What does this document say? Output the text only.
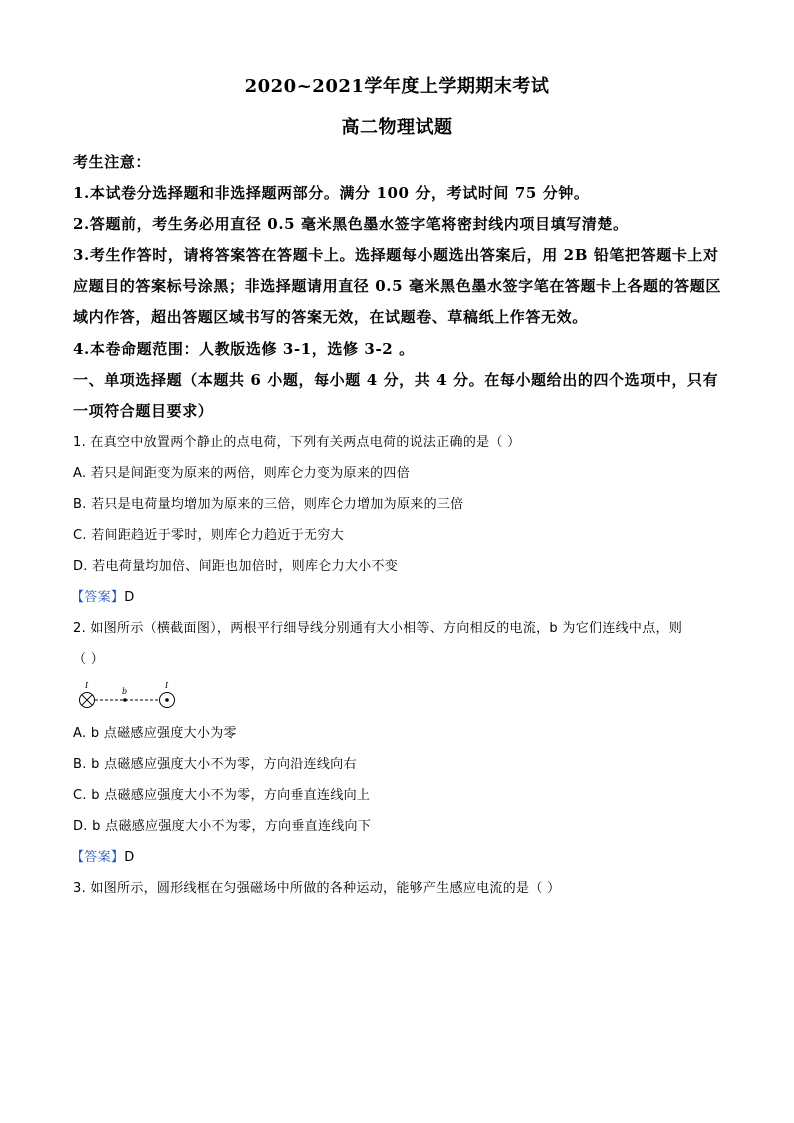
2020~2021学年度上学期期末考试
高二物理试题
考生注意：
1.本试卷分选择题和非选择题两部分。满分 100 分，考试时间 75 分钟。
2.答题前，考生务必用直径 0.5 毫米黑色墨水签字笔将密封线内项目填写清楚。
3.考生作答时，请将答案答在答题卡上。选择题每小题选出答案后，用 2B 铅笔把答题卡上对
应题目的答案标号涂黑；非选择题请用直径 0.5 毫米黑色墨水签字笔在答题卡上各题的答题区
域内作答，超出答题区域书写的答案无效，在试题卷、草稿纸上作答无效。
4.本卷命题范围：人教版选修 3-1，选修 3-2 。
一、单项选择题（本题共 6 小题，每小题 4 分，共 4 分。在每小题给出的四个选项中，只有
一项符合题目要求）
1. 在真空中放置两个静止的点电荷，下列有关两点电荷的说法正确的是（ ）
A. 若只是间距变为原来的两倍，则库仑力变为原来的四倍
B. 若只是电荷量均增加为原来的三倍，则库仑力增加为原来的三倍
C. 若间距趋近于零时，则库仑力趋近于无穷大
D. 若电荷量均加倍、间距也加倍时，则库仑力大小不变
【答案】D
2. 如图所示（横截面图），两根平行细导线分别通有大小相等、方向相反的电流，b 为它们连线中点，则
（ ）
I
b
I
A. b 点磁感应强度大小为零
B. b 点磁感应强度大小不为零，方向沿连线向右
C. b 点磁感应强度大小不为零，方向垂直连线向上
D. b 点磁感应强度大小不为零，方向垂直连线向下
【答案】D
3. 如图所示，圆形线框在匀强磁场中所做的各种运动，能够产生感应电流的是（ ）
